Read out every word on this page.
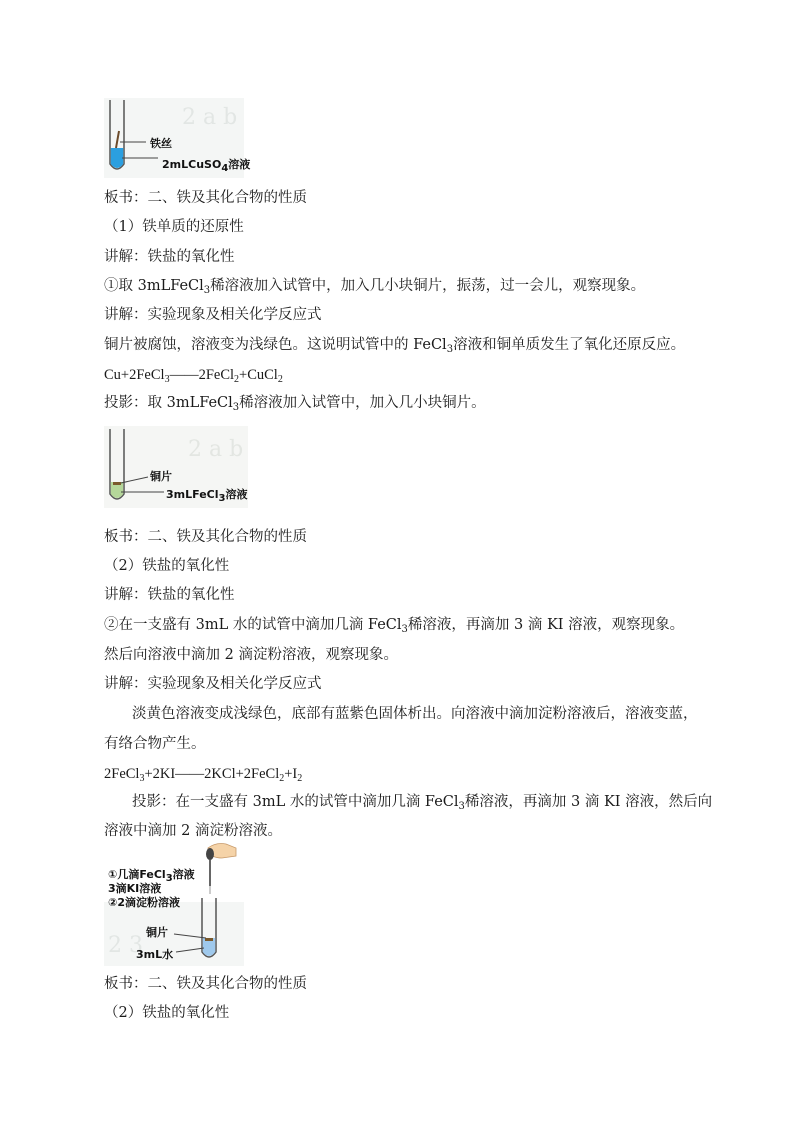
2 a b
铁丝
2mLCuSO4溶液
板书：二、铁及其化合物的性质
（1）铁单质的还原性
讲解：铁盐的氧化性
①取 3mLFeCl$_3$稀溶液加入试管中，加入几小块铜片，振荡，过一会儿，观察现象。
讲解：实验现象及相关化学反应式
铜片被腐蚀，溶液变为浅绿色。这说明试管中的 FeCl$_3$溶液和铜单质发生了氧化还原反应。
Cu+2FeCl$_3$——2FeCl$_2$+CuCl$_2$
投影：取 3mLFeCl$_3$稀溶液加入试管中，加入几小块铜片。
2 a b
铜片
3mLFeCl3溶液
板书：二、铁及其化合物的性质
（2）铁盐的氧化性
讲解：铁盐的氧化性
②在一支盛有 3mL 水的试管中滴加几滴 FeCl$_3$稀溶液，再滴加 3 滴 KI 溶液，观察现象。
然后向溶液中滴加 2 滴淀粉溶液，观察现象。
讲解：实验现象及相关化学反应式
淡黄色溶液变成浅绿色，底部有蓝紫色固体析出。向溶液中滴加淀粉溶液后，溶液变蓝，
有络合物产生。
$2FeCl_3+2KI——2KCl+2FeCl_2+I_2$
投影：在一支盛有 3mL 水的试管中滴加几滴 FeCl$_3$稀溶液，再滴加 3 滴 KI 溶液，然后向
溶液中滴加 2 滴淀粉溶液。
2 3
①几滴FeCl3溶液
3滴KI溶液
②2滴淀粉溶液
铜片
3mL水
板书：二、铁及其化合物的性质
（2）铁盐的氧化性
